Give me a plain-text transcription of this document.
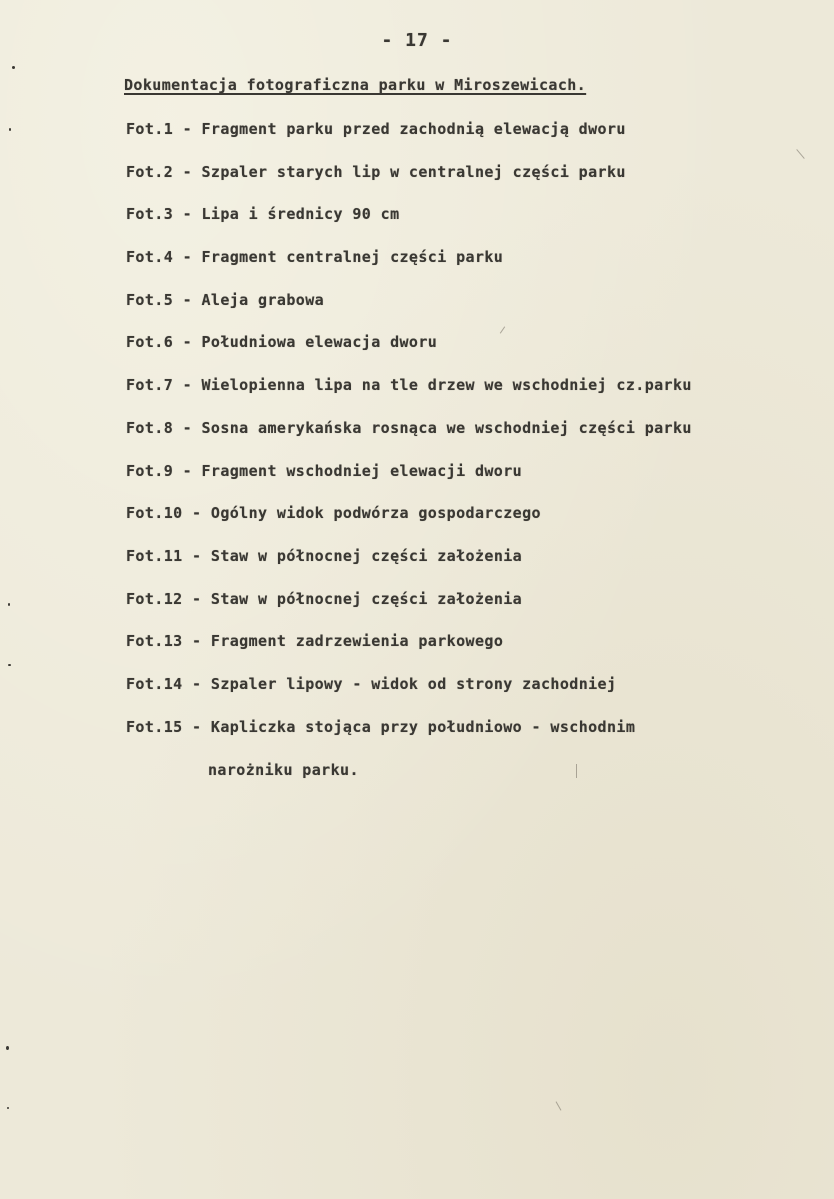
- 17 -
Dokumentacja fotograficzna parku w Miroszewicach.
Fot.1 - Fragment parku przed zachodnią elewacją dworu
Fot.2 - Szpaler starych lip w centralnej części parku
Fot.3 - Lipa i średnicy 90 cm
Fot.4 - Fragment centralnej części parku
Fot.5 - Aleja grabowa
Fot.6 - Południowa elewacja dworu
Fot.7 - Wielopienna lipa na tle drzew we wschodniej cz.parku
Fot.8 - Sosna amerykańska rosnąca we wschodniej części parku
Fot.9 - Fragment wschodniej elewacji dworu
Fot.10 - Ogólny widok podwórza gospodarczego
Fot.11 - Staw w północnej części założenia
Fot.12 - Staw w północnej części założenia
Fot.13 - Fragment zadrzewienia parkowego
Fot.14 - Szpaler lipowy - widok od strony zachodniej
Fot.15 - Kapliczka stojąca przy południowo - wschodnim
narożniku parku.
